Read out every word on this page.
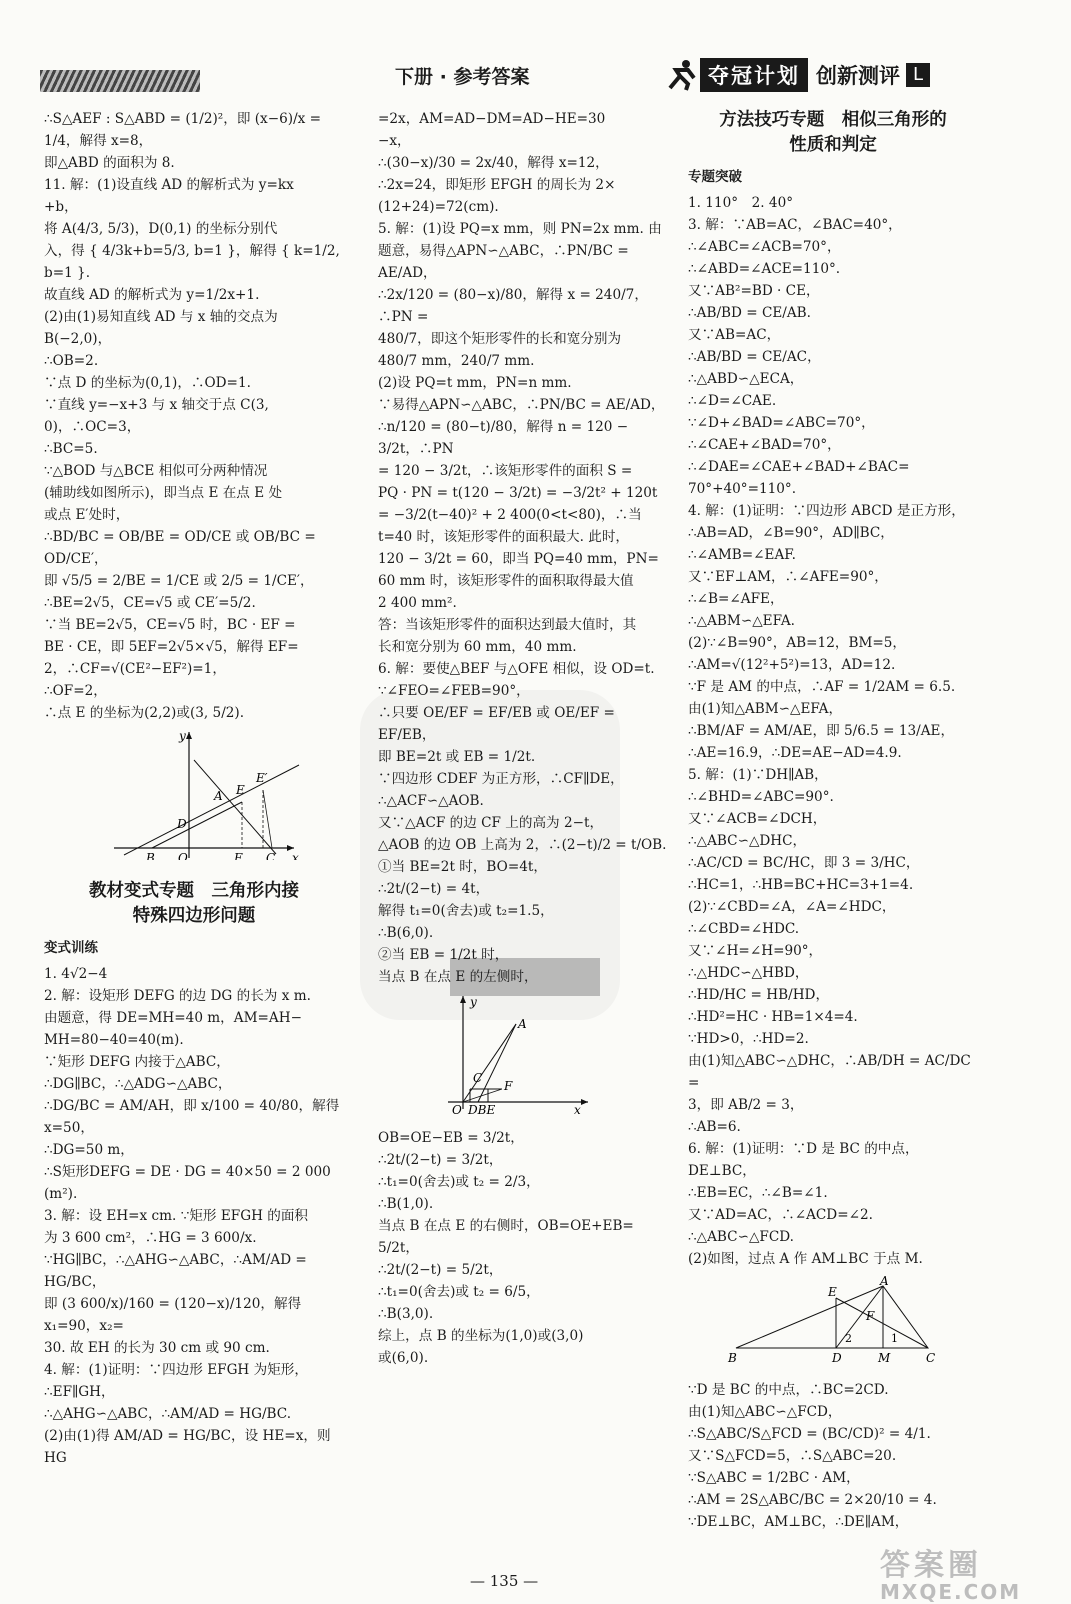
下册 · 参考答案	夺冠计划 创新测评 L

∴S△AEF : S△ABD = (1/2)²，即 (x−6)/x =

1/4，解得 x=8，

即△ABD 的面积为 8.

11. 解：(1)设直线 AD 的解析式为 y=kx

+b，

将 A(4/3, 5/3)，D(0,1) 的坐标分别代

入，得 { 4/3k+b=5/3, b=1 }，解得 { k=1/2, b=1 }.

故直线 AD 的解析式为 y=1/2x+1.

(2)由(1)易知直线 AD 与 x 轴的交点为

B(−2,0)，

∴OB=2.

∵点 D 的坐标为(0,1)，∴OD=1.

∵直线 y=−x+3 与 x 轴交于点 C(3,

0)，∴OC=3，

∴BC=5.

∵△BOD 与△BCE 相似可分两种情况

(辅助线如图所示)，即当点 E 在点 E 处

或点 E′处时，

∴BD/BC = OB/BE = OD/CE 或 OB/BC = OD/CE′，

即 √5/5 = 2/BE = 1/CE 或 2/5 = 1/CE′，

∴BE=2√5，CE=√5 或 CE′=5/2.

∵当 BE=2√5，CE=√5 时，BC · EF =

BE · CE，即 5EF=2√5×√5，解得 EF=

2，∴CF=√(CE²−EF²)=1，

∴OF=2，

∴点 E 的坐标为(2,2)或(3, 5/2).

y
A E
E′
D
B O	F C x
教材变式专题　三角形内接
特殊四边形问题
变式训练

1. 4√2−4

2. 解：设矩形 DEFG 的边 DG 的长为 x m.

由题意，得 DE=MH=40 m，AM=AH−

MH=80−40=40(m).

∵矩形 DEFG 内接于△ABC，

∴DG∥BC，∴△ADG∽△ABC，

∴DG/BC = AM/AH，即 x/100 = 40/80，解得 x=50，

∴DG=50 m，

∴S矩形DEFG = DE · DG = 40×50 = 2 000

(m²).

3. 解：设 EH=x cm. ∵矩形 EFGH 的面积

为 3 600 cm²，∴HG = 3 600/x.

∵HG∥BC，∴△AHG∽△ABC，∴AM/AD = HG/BC，

即 (3 600/x)/160 = (120−x)/120，解得 x₁=90，x₂=

30. 故 EH 的长为 30 cm 或 90 cm.

4. 解：(1)证明：∵四边形 EFGH 为矩形，

∴EF∥GH，

∴△AHG∽△ABC，∴AM/AD = HG/BC.

(2)由(1)得 AM/AD = HG/BC，设 HE=x，则 HG

=2x，AM=AD−DM=AD−HE=30

−x，

∴(30−x)/30 = 2x/40，解得 x=12，

∴2x=24，即矩形 EFGH 的周长为 2×

(12+24)=72(cm).

5. 解：(1)设 PQ=x mm，则 PN=2x mm. 由

题意，易得△APN∽△ABC，∴PN/BC = AE/AD，

∴2x/120 = (80−x)/80，解得 x = 240/7，∴PN =

480/7，即这个矩形零件的长和宽分别为

480/7 mm，240/7 mm.

(2)设 PQ=t mm，PN=n mm.

∵易得△APN∽△ABC，∴PN/BC = AE/AD，

∴n/120 = (80−t)/80，解得 n = 120 − 3/2t，∴PN

= 120 − 3/2t，∴该矩形零件的面积 S =

PQ · PN = t(120 − 3/2t) = −3/2t² + 120t

= −3/2(t−40)² + 2 400(0<t<80)，∴当

t=40 时，该矩形零件的面积最大. 此时，

120 − 3/2t = 60，即当 PQ=40 mm，PN=

60 mm 时，该矩形零件的面积取得最大值

2 400 mm².

答：当该矩形零件的面积达到最大值时，其

长和宽分别为 60 mm，40 mm.

6. 解：要使△BEF 与△OFE 相似，设 OD=t.

∵∠FEO=∠FEB=90°，

∴只要 OE/EF = EF/EB 或 OE/EF = EF/EB，

即 BE=2t 或 EB = 1/2t.

∵四边形 CDEF 为正方形，∴CF∥DE，

∴△ACF∽△AOB.

又∵△ACF 的边 CF 上的高为 2−t，

△AOB 的边 OB 上高为 2，∴(2−t)/2 = t/OB.

①当 BE=2t 时，BO=4t，

∴2t/(2−t) = 4t，

解得 t₁=0(舍去)或 t₂=1.5，

∴B(6,0).

②当 EB = 1/2t 时，

当点 B 在点 E 的左侧时，

y
A
C
F
O DBE	x

OB=OE−EB = 3/2t，

∴2t/(2−t) = 3/2t，

∴t₁=0(舍去)或 t₂ = 2/3，

∴B(1,0).

当点 B 在点 E 的右侧时，OB=OE+EB=

5/2t，

∴2t/(2−t) = 5/2t，

∴t₁=0(舍去)或 t₂ = 6/5，

∴B(3,0).

综上，点 B 的坐标为(1,0)或(3,0)

或(6,0).

方法技巧专题　相似三角形的
性质和判定
专题突破

1. 110°　2. 40°

3. 解：∵AB=AC，∠BAC=40°，

∴∠ABC=∠ACB=70°，

∴∠ABD=∠ACE=110°.

又∵AB²=BD · CE，

∴AB/BD = CE/AB.

又∵AB=AC，

∴AB/BD = CE/AC，

∴△ABD∽△ECA，

∴∠D=∠CAE.

∵∠D+∠BAD=∠ABC=70°，

∴∠CAE+∠BAD=70°，

∴∠DAE=∠CAE+∠BAD+∠BAC=

70°+40°=110°.

4. 解：(1)证明：∵四边形 ABCD 是正方形，

∴AB=AD，∠B=90°，AD∥BC，

∴∠AMB=∠EAF.

又∵EF⊥AM，∴∠AFE=90°，

∴∠B=∠AFE，

∴△ABM∽△EFA.

(2)∵∠B=90°，AB=12，BM=5，

∴AM=√(12²+5²)=13，AD=12.

∵F 是 AM 的中点，∴AF = 1/2AM = 6.5.

由(1)知△ABM∽△EFA，

∴BM/AF = AM/AE，即 5/6.5 = 13/AE，

∴AE=16.9，∴DE=AE−AD=4.9.

5. 解：(1)∵DH∥AB，

∴∠BHD=∠ABC=90°.

又∵∠ACB=∠DCH，

∴△ABC∽△DHC，

∴AC/CD = BC/HC，即 3 = 3/HC，

∴HC=1，∴HB=BC+HC=3+1=4.

(2)∵∠CBD=∠A，∠A=∠HDC，

∴∠CBD=∠HDC.

又∵∠H=∠H=90°，

∴△HDC∽△HBD，

∴HD/HC = HB/HD，

∴HD²=HC · HB=1×4=4.

∵HD>0，∴HD=2.

由(1)知△ABC∽△DHC，∴AB/DH = AC/DC =

3，即 AB/2 = 3，

∴AB=6.

6. 解：(1)证明：∵D 是 BC 的中点，DE⊥BC，

∴EB=EC，∴∠B=∠1.

又∵AD=AC，∴∠ACD=∠2.

∴△ABC∽△FCD.

(2)如图，过点 A 作 AM⊥BC 于点 M.

A
E
F
2	1
B	D	M	C

∵D 是 BC 的中点，∴BC=2CD.

由(1)知△ABC∽△FCD，

∴S△ABC/S△FCD = (BC/CD)² = 4/1.

又∵S△FCD=5，∴S△ABC=20.

∵S△ABC = 1/2BC · AM，

∴AM = 2S△ABC/BC = 2×20/10 = 4.

∵DE⊥BC，AM⊥BC，∴DE∥AM，

— 135 —	答案圈
MXQE.COM
